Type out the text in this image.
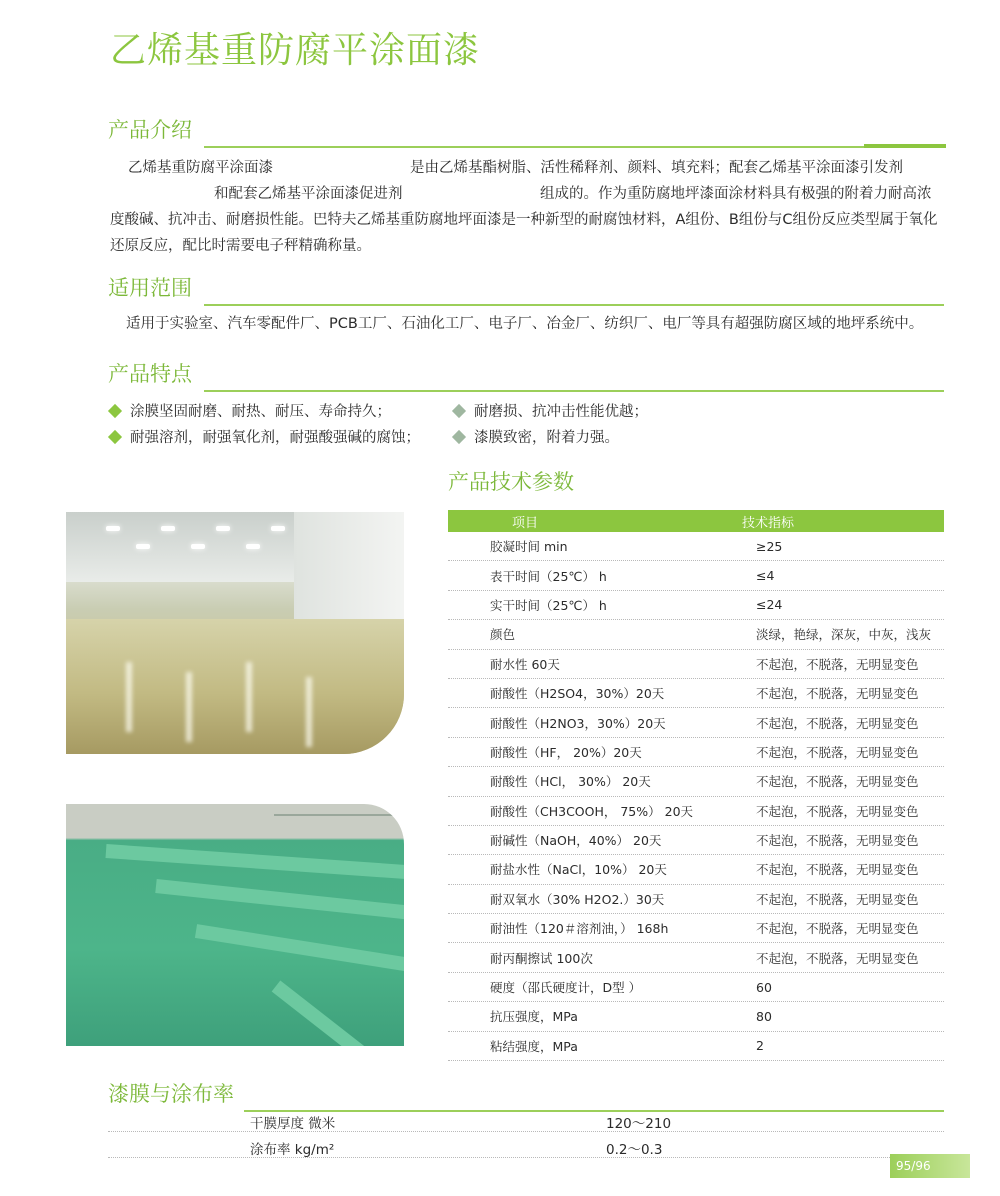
乙烯基重防腐平涂面漆
产品介绍
乙烯基重防腐平涂面漆	是由乙烯基酯树脂、活性稀释剂、颜料、填充料；配套乙烯基平涂面漆引发剂
和配套乙烯基平涂面漆促进剂	组成的。作为重防腐地坪漆面涂材料具有极强的附着力耐高浓
度酸碱、抗冲击、耐磨损性能。巴特夫乙烯基重防腐地坪面漆是一种新型的耐腐蚀材料，A组份、B组份与C组份反应类型属于氧化
还原反应，配比时需要电子秤精确称量。
适用范围
适用于实验室、汽车零配件厂、PCB工厂、石油化工厂、电子厂、冶金厂、纺织厂、电厂等具有超强防腐区域的地坪系统中。
产品特点
涂膜坚固耐磨、耐热、耐压、寿命持久；
耐强溶剂，耐强氧化剂，耐强酸强碱的腐蚀；
耐磨损、抗冲击性能优越；
漆膜致密，附着力强。
产品技术参数
项目	技术指标
胶凝时间 min	≥25
表干时间（25℃） h	≤4
实干时间（25℃） h	≤24
颜色	淡绿，艳绿，深灰，中灰，浅灰
耐水性 60天	不起泡，不脱落，无明显变色
耐酸性（H2SO4，30%）20天	不起泡，不脱落，无明显变色
耐酸性（H2NO3，30%）20天	不起泡，不脱落，无明显变色
耐酸性（HF， 20%）20天	不起泡，不脱落，无明显变色
耐酸性（HCl， 30%） 20天	不起泡，不脱落，无明显变色
耐酸性（CH3COOH， 75%） 20天	不起泡，不脱落，无明显变色
耐碱性（NaOH，40%） 20天	不起泡，不脱落，无明显变色
耐盐水性（NaCl，10%） 20天	不起泡，不脱落，无明显变色
耐双氧水（30% H2O2.）30天	不起泡，不脱落，无明显变色
耐油性（120＃溶剂油，） 168h	不起泡，不脱落，无明显变色
耐丙酮擦试 100次	不起泡，不脱落，无明显变色
硬度（邵氏硬度计，D型 ）	60
抗压强度，MPa	80
粘结强度，MPa	2
漆膜与涂布率
干膜厚度 微米	120～210
涂布率 kg/m²	0.2～0.3
95/96
